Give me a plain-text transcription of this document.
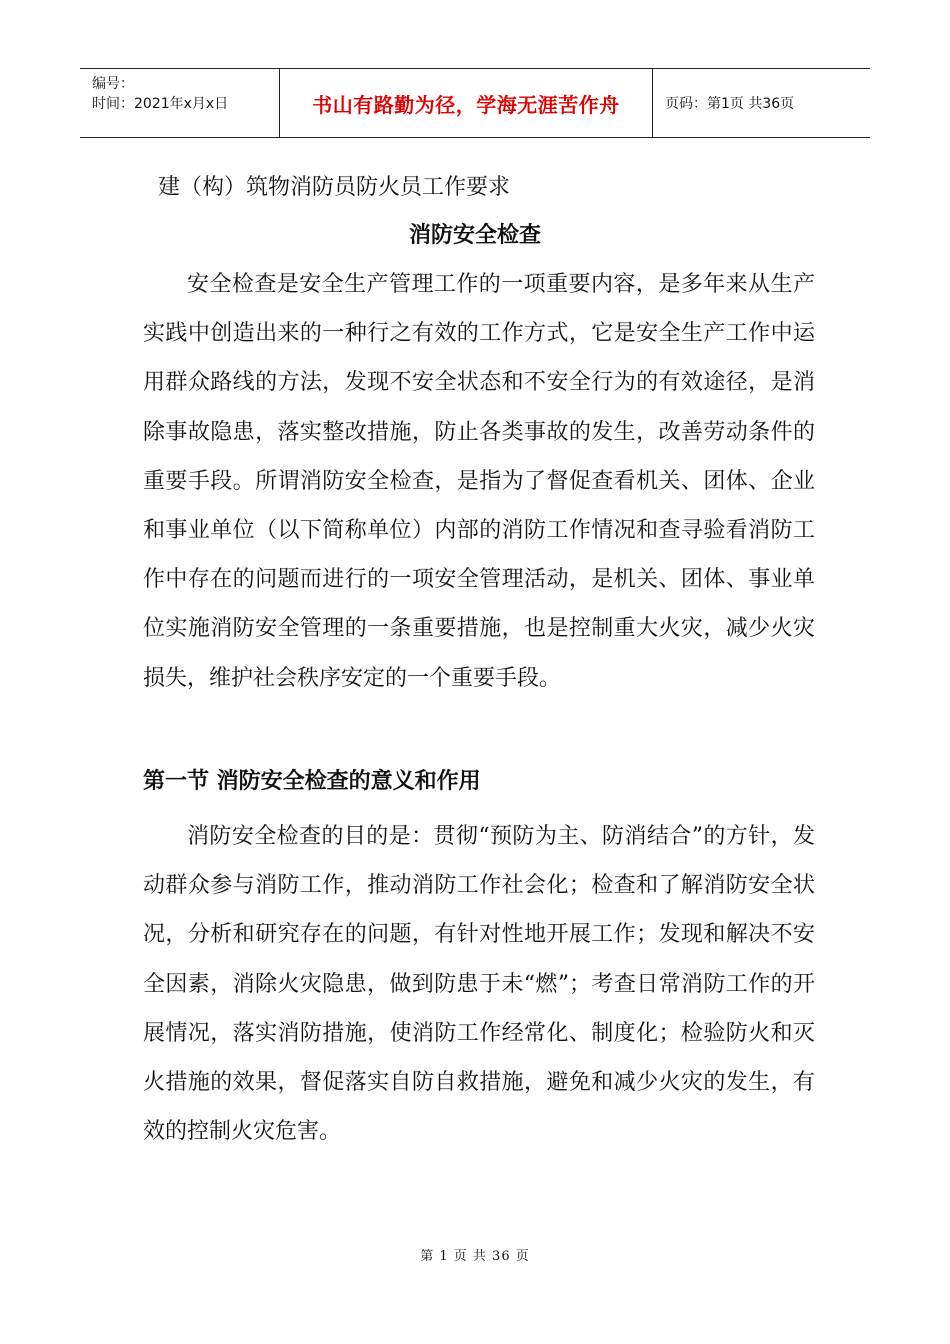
编号：
时间：2021年x月x日	书山有路勤为径，学海无涯苦作舟	页码：第1页 共36页
建（构）筑物消防员防火员工作要求
消防安全检查

安全检查是安全生产管理工作的一项重要内容，是多年来从生产实践中创造出来的一种行之有效的工作方式，它是安全生产工作中运用群众路线的方法，发现不安全状态和不安全行为的有效途径，是消除事故隐患，落实整改措施，防止各类事故的发生，改善劳动条件的重要手段。所谓消防安全检查，是指为了督促查看机关、团体、企业和事业单位（以下简称单位）内部的消防工作情况和查寻验看消防工作中存在的问题而进行的一项安全管理活动，是机关、团体、事业单位实施消防安全管理的一条重要措施，也是控制重大火灾，减少火灾损失，维护社会秩序安定的一个重要手段。

第一节 消防安全检查的意义和作用

消防安全检查的目的是：贯彻“预防为主、防消结合”的方针，发动群众参与消防工作，推动消防工作社会化；检查和了解消防安全状况，分析和研究存在的问题，有针对性地开展工作；发现和解决不安全因素，消除火灾隐患，做到防患于未“燃”；考查日常消防工作的开展情况，落实消防措施，使消防工作经常化、制度化；检验防火和灭火措施的效果，督促落实自防自救措施，避免和减少火灾的发生，有效的控制火灾危害。

第 1 页 共 36 页
